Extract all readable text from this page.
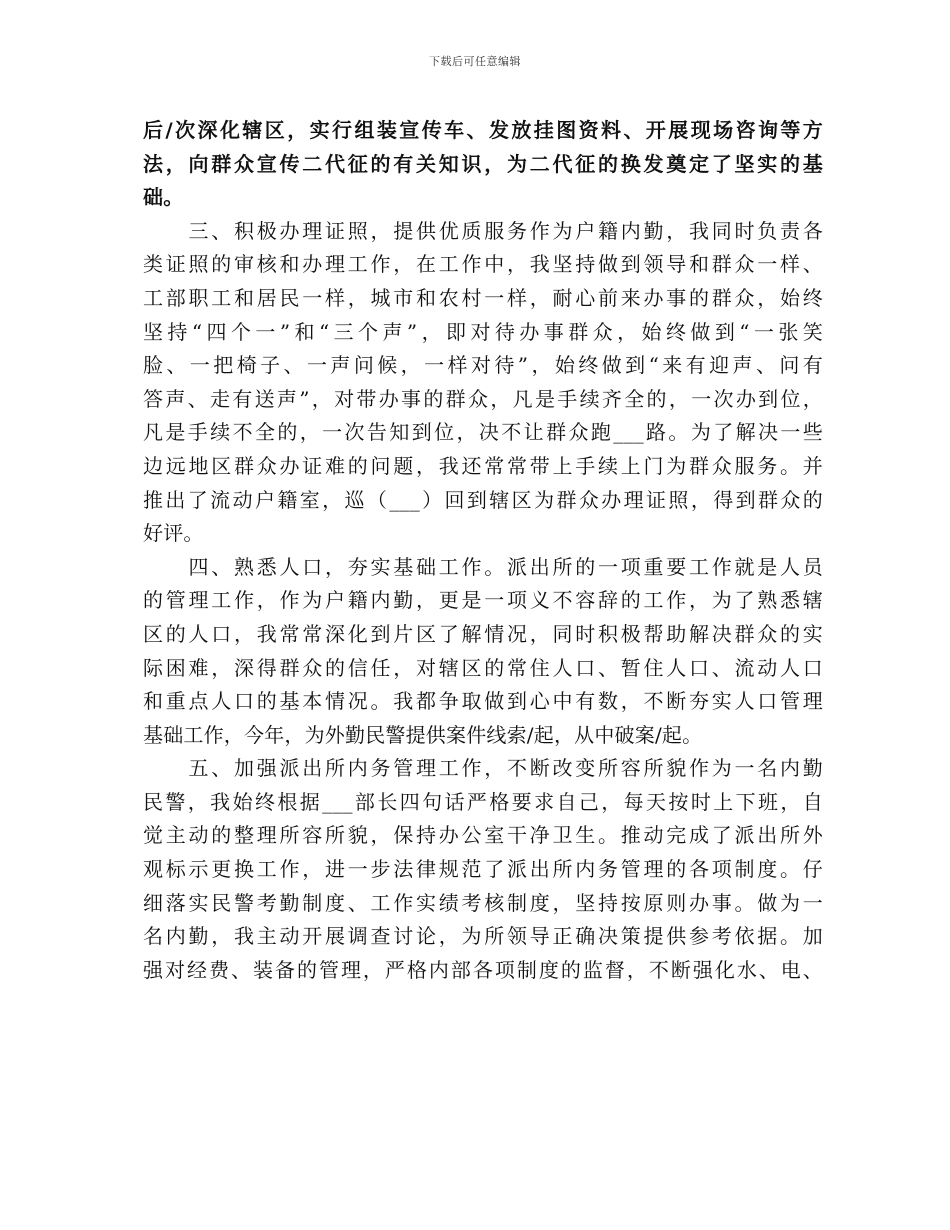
下载后可任意编辑
后/次深化辖区，实行组装宣传车、发放挂图资料、开展现场咨询等方
法，向群众宣传二代征的有关知识，为二代征的换发奠定了坚实的基
础。
　　三、积极办理证照，提供优质服务作为户籍内勤，我同时负责各
类证照的审核和办理工作，在工作中，我坚持做到领导和群众一样、
工部职工和居民一样，城市和农村一样，耐心前来办事的群众，始终
坚持“四个一”和“三个声”，即对待办事群众，始终做到“一张笑
脸、一把椅子、一声问候，一样对待”，始终做到“来有迎声、问有
答声、走有送声”，对带办事的群众，凡是手续齐全的，一次办到位，
凡是手续不全的，一次告知到位，决不让群众跑___路。为了解决一些
边远地区群众办证难的问题，我还常常带上手续上门为群众服务。并
推出了流动户籍室，巡（___）回到辖区为群众办理证照，得到群众的
好评。
　　四、熟悉人口，夯实基础工作。派出所的一项重要工作就是人员
的管理工作，作为户籍内勤，更是一项义不容辞的工作，为了熟悉辖
区的人口，我常常深化到片区了解情况，同时积极帮助解决群众的实
际困难，深得群众的信任，对辖区的常住人口、暂住人口、流动人口
和重点人口的基本情况。我都争取做到心中有数，不断夯实人口管理
基础工作，今年，为外勤民警提供案件线索/起，从中破案/起。
　　五、加强派出所内务管理工作，不断改变所容所貌作为一名内勤
民警，我始终根据___部长四句话严格要求自己，每天按时上下班，自
觉主动的整理所容所貌，保持办公室干净卫生。推动完成了派出所外
观标示更换工作，进一步法律规范了派出所内务管理的各项制度。仔
细落实民警考勤制度、工作实绩考核制度，坚持按原则办事。做为一
名内勤，我主动开展调查讨论，为所领导正确决策提供参考依据。加
强对经费、装备的管理，严格内部各项制度的监督，不断强化水、电、
